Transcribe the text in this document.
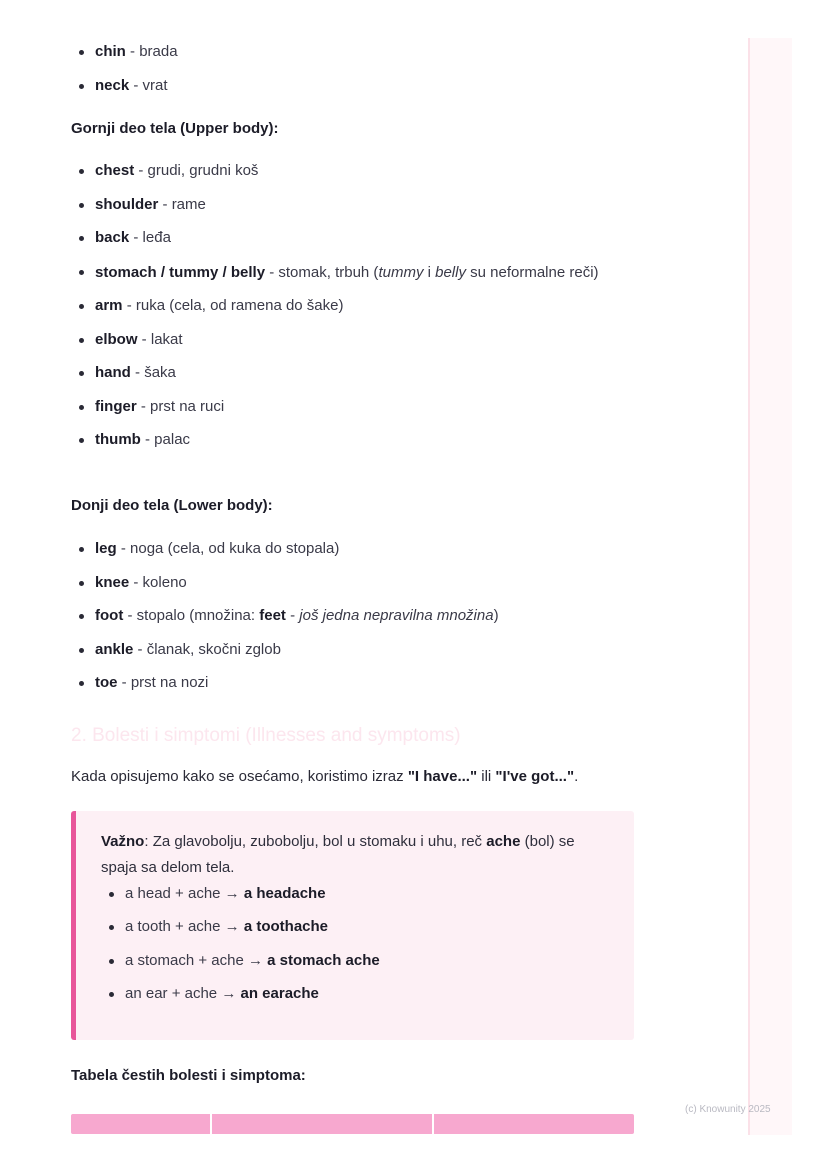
chin - brada
neck - vrat
Gornji deo tela (Upper body):
chest - grudi, grudni koš
shoulder - rame
back - leđa
stomach / tummy / belly - stomak, trbuh (tummy i belly su neformalne reči)
arm - ruka (cela, od ramena do šake)
elbow - lakat
hand - šaka
finger - prst na ruci
thumb - palac
Donji deo tela (Lower body):
leg - noga (cela, od kuka do stopala)
knee - koleno
foot - stopalo (množina: feet - još jedna nepravilna množina)
ankle - članak, skočni zglob
toe - prst na nozi
2. Bolesti i simptomi (Illnesses and symptoms)
Kada opisujemo kako se osećamo, koristimo izraz "I have..." ili "I've got...".
Važno: Za glavobolju, zubobolju, bol u stomaku i uhu, reč ache (bol) se spaja sa delom tela.
a head + ache → a headache
a tooth + ache → a toothache
a stomach + ache → a stomach ache
an ear + ache → an earache
Tabela čestih bolesti i simptoma:
(c) Knowunity 2025
